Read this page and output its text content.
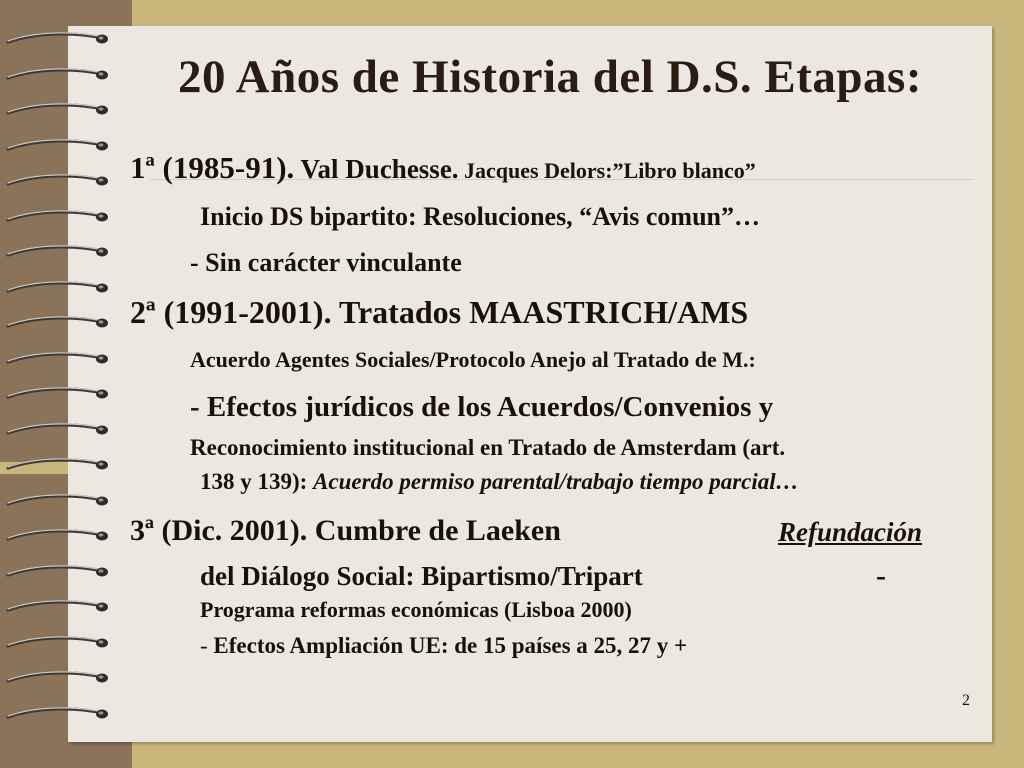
20 Años de Historia del D.S. Etapas:
1ª (1985-91). Val Duchesse. Jacques Delors:”Libro blanco”
Inicio DS bipartito: Resoluciones, “Avis comun”…
- Sin carácter vinculante
2ª (1991-2001). Tratados MAASTRICH/AMS
Acuerdo Agentes Sociales/Protocolo Anejo al Tratado de M.:
- Efectos jurídicos de los Acuerdos/Convenios y
Reconocimiento institucional en Tratado de Amsterdam (art.
138 y 139): Acuerdo permiso parental/trabajo tiempo parcial…
3ª (Dic. 2001). Cumbre de Laeken	Refundación
del Diálogo Social: Bipartismo/Tripart	-
Programa reformas económicas (Lisboa 2000)
- Efectos Ampliación UE: de 15 países a 25, 27 y +
2
